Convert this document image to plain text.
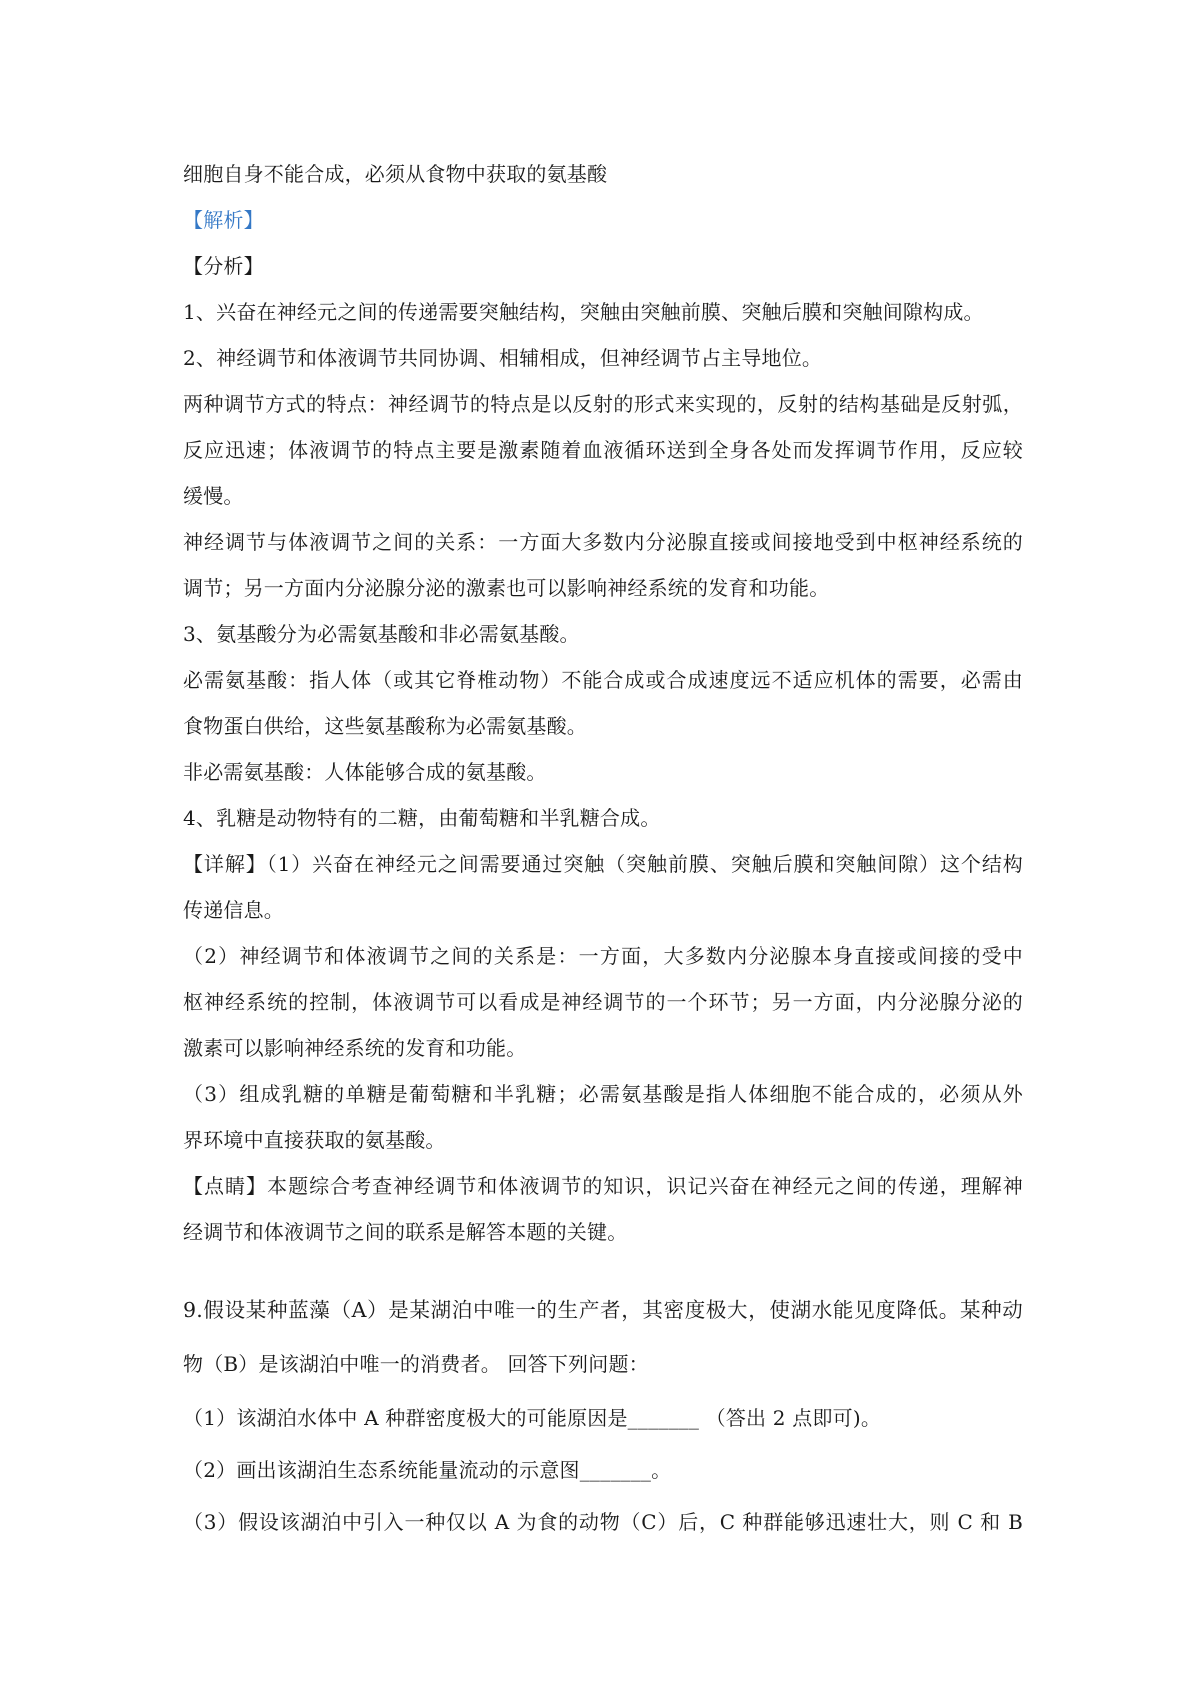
细胞自身不能合成，必须从食物中获取的氨基酸
【解析】
【分析】
1、兴奋在神经元之间的传递需要突触结构，突触由突触前膜、突触后膜和突触间隙构成。
2、神经调节和体液调节共同协调、相辅相成，但神经调节占主导地位。
两种调节方式的特点：神经调节的特点是以反射的形式来实现的，反射的结构基础是反射弧，
反应迅速；体液调节的特点主要是激素随着血液循环送到全身各处而发挥调节作用，反应较
缓慢。
神经调节与体液调节之间的关系：一方面大多数内分泌腺直接或间接地受到中枢神经系统的
调节；另一方面内分泌腺分泌的激素也可以影响神经系统的发育和功能。
3、氨基酸分为必需氨基酸和非必需氨基酸。
必需氨基酸：指人体（或其它脊椎动物）不能合成或合成速度远不适应机体的需要，必需由
食物蛋白供给，这些氨基酸称为必需氨基酸。
非必需氨基酸：人体能够合成的氨基酸。
4、乳糖是动物特有的二糖，由葡萄糖和半乳糖合成。
【详解】（1）兴奋在神经元之间需要通过突触（突触前膜、突触后膜和突触间隙）这个结构
传递信息。
（2）神经调节和体液调节之间的关系是：一方面，大多数内分泌腺本身直接或间接的受中
枢神经系统的控制，体液调节可以看成是神经调节的一个环节；另一方面，内分泌腺分泌的
激素可以影响神经系统的发育和功能。
（3）组成乳糖的单糖是葡萄糖和半乳糖；必需氨基酸是指人体细胞不能合成的，必须从外
界环境中直接获取的氨基酸。
【点睛】本题综合考查神经调节和体液调节的知识，识记兴奋在神经元之间的传递，理解神
经调节和体液调节之间的联系是解答本题的关键。
9.假设某种蓝藻（A）是某湖泊中唯一的生产者，其密度极大，使湖水能见度降低。某种动
物（B）是该湖泊中唯一的消费者。 回答下列问题：
（1）该湖泊水体中 A 种群密度极大的可能原因是_______ （答出 2 点即可)。
（2）画出该湖泊生态系统能量流动的示意图_______。
（3）假设该湖泊中引入一种仅以 A 为食的动物（C）后，C 种群能够迅速壮大，则 C 和 B
